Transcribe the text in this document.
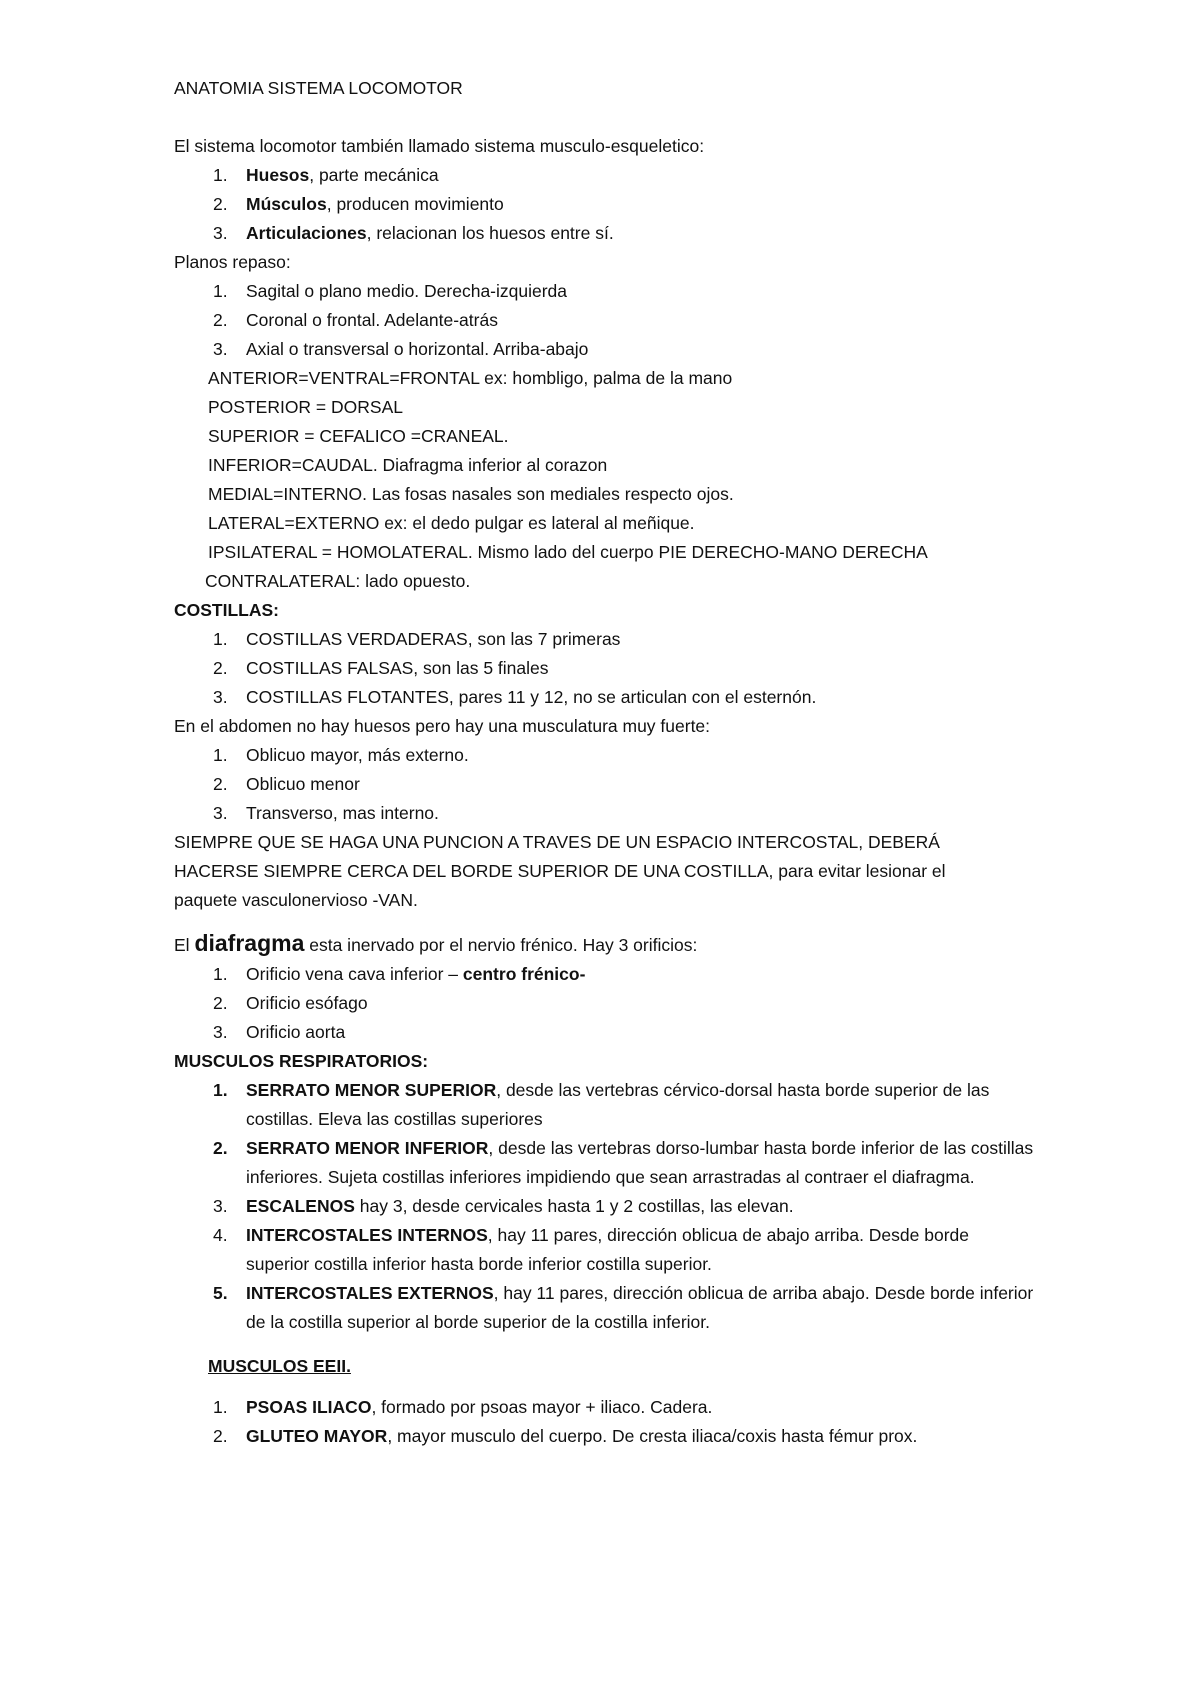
ANATOMIA SISTEMA LOCOMOTOR
El sistema locomotor también llamado sistema musculo-esqueletico:
1. Huesos, parte mecánica
2. Músculos, producen movimiento
3. Articulaciones, relacionan los huesos entre sí.
Planos repaso:
1. Sagital o plano medio. Derecha-izquierda
2. Coronal o frontal. Adelante-atrás
3. Axial o transversal o horizontal. Arriba-abajo
ANTERIOR=VENTRAL=FRONTAL ex: hombligo, palma de la mano
POSTERIOR = DORSAL
SUPERIOR = CEFALICO =CRANEAL.
INFERIOR=CAUDAL. Diafragma inferior al corazon
MEDIAL=INTERNO. Las fosas nasales son mediales respecto ojos.
LATERAL=EXTERNO ex: el dedo pulgar es lateral al meñique.
IPSILATERAL = HOMOLATERAL. Mismo lado del cuerpo PIE DERECHO-MANO DERECHA
CONTRALATERAL: lado opuesto.
COSTILLAS:
1. COSTILLAS VERDADERAS, son las 7 primeras
2. COSTILLAS FALSAS, son las 5 finales
3. COSTILLAS FLOTANTES, pares 11 y 12, no se articulan con el esternón.
En el abdomen no hay huesos pero hay una musculatura muy fuerte:
1. Oblicuo mayor, más externo.
2. Oblicuo menor
3. Transverso, mas interno.
SIEMPRE QUE SE HAGA UNA PUNCION A TRAVES DE UN ESPACIO INTERCOSTAL, DEBERÁ
HACERSE SIEMPRE CERCA DEL BORDE SUPERIOR DE UNA COSTILLA, para evitar lesionar el
paquete vasculonervioso -VAN.
El diafragma esta inervado por el nervio frénico. Hay 3 orificios:
1. Orificio vena cava inferior – centro frénico-
2. Orificio esófago
3. Orificio aorta
MUSCULOS RESPIRATORIOS:
1. SERRATO MENOR SUPERIOR, desde las vertebras cérvico-dorsal hasta borde superior de las costillas. Eleva las costillas superiores
2. SERRATO MENOR INFERIOR, desde las vertebras dorso-lumbar hasta borde inferior de las costillas inferiores. Sujeta costillas inferiores impidiendo que sean arrastradas al contraer el diafragma.
3. ESCALENOS hay 3, desde cervicales hasta 1 y 2 costillas, las elevan.
4. INTERCOSTALES INTERNOS, hay 11 pares, dirección oblicua de abajo arriba. Desde borde superior costilla inferior hasta borde inferior costilla superior.
5. INTERCOSTALES EXTERNOS, hay 11 pares, dirección oblicua de arriba abajo. Desde borde inferior de la costilla superior al borde superior de la costilla inferior.
MUSCULOS EEII.
1. PSOAS ILIACO, formado por psoas mayor + iliaco. Cadera.
2. GLUTEO MAYOR, mayor musculo del cuerpo. De cresta iliaca/coxis hasta fémur prox.
